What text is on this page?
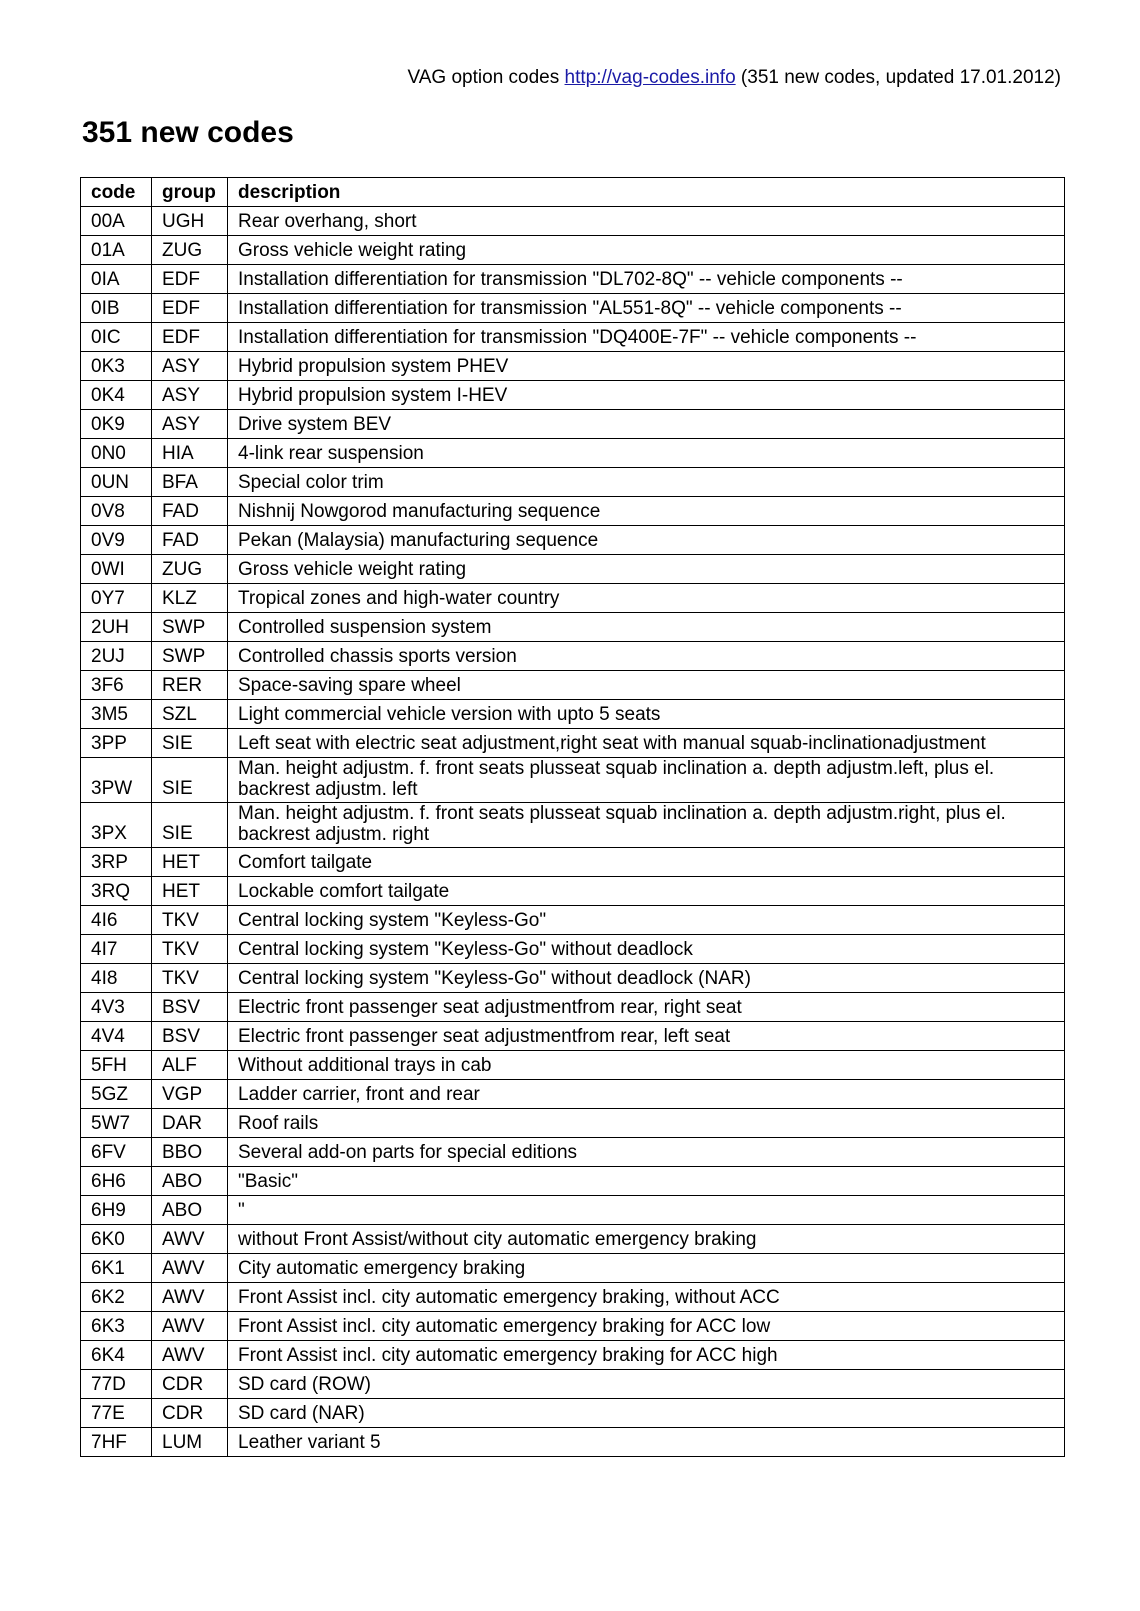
VAG option codes http://vag-codes.info (351 new codes, updated 17.01.2012)
351 new codes
code	group	description
00A	UGH	Rear overhang, short
01A	ZUG	Gross vehicle weight rating
0IA	EDF	Installation differentiation for transmission "DL702-8Q" -- vehicle components --
0IB	EDF	Installation differentiation for transmission "AL551-8Q" -- vehicle components --
0IC	EDF	Installation differentiation for transmission "DQ400E-7F" -- vehicle components --
0K3	ASY	Hybrid propulsion system PHEV
0K4	ASY	Hybrid propulsion system I-HEV
0K9	ASY	Drive system BEV
0N0	HIA	4-link rear suspension
0UN	BFA	Special color trim
0V8	FAD	Nishnij Nowgorod manufacturing sequence
0V9	FAD	Pekan (Malaysia) manufacturing sequence
0WI	ZUG	Gross vehicle weight rating
0Y7	KLZ	Tropical zones and high-water country
2UH	SWP	Controlled suspension system
2UJ	SWP	Controlled chassis sports version
3F6	RER	Space-saving spare wheel
3M5	SZL	Light commercial vehicle version with upto 5 seats
3PP	SIE	Left seat with electric seat adjustment,right seat with manual squab-inclinationadjustment
3PW	SIE	Man. height adjustm. f. front seats plusseat squab inclination a. depth adjustm.left, plus el. backrest adjustm. left
3PX	SIE	Man. height adjustm. f. front seats plusseat squab inclination a. depth adjustm.right, plus el. backrest adjustm. right
3RP	HET	Comfort tailgate
3RQ	HET	Lockable comfort tailgate
4I6	TKV	Central locking system "Keyless-Go"
4I7	TKV	Central locking system "Keyless-Go" without deadlock
4I8	TKV	Central locking system "Keyless-Go" without deadlock (NAR)
4V3	BSV	Electric front passenger seat adjustmentfrom rear, right seat
4V4	BSV	Electric front passenger seat adjustmentfrom rear, left seat
5FH	ALF	Without additional trays in cab
5GZ	VGP	Ladder carrier, front and rear
5W7	DAR	Roof rails
6FV	BBO	Several add-on parts for special editions
6H6	ABO	"Basic"
6H9	ABO	"
6K0	AWV	without Front Assist/without city automatic emergency braking
6K1	AWV	City automatic emergency braking
6K2	AWV	Front Assist incl. city automatic emergency braking, without ACC
6K3	AWV	Front Assist incl. city automatic emergency braking for ACC low
6K4	AWV	Front Assist incl. city automatic emergency braking for ACC high
77D	CDR	SD card (ROW)
77E	CDR	SD card (NAR)
7HF	LUM	Leather variant 5
